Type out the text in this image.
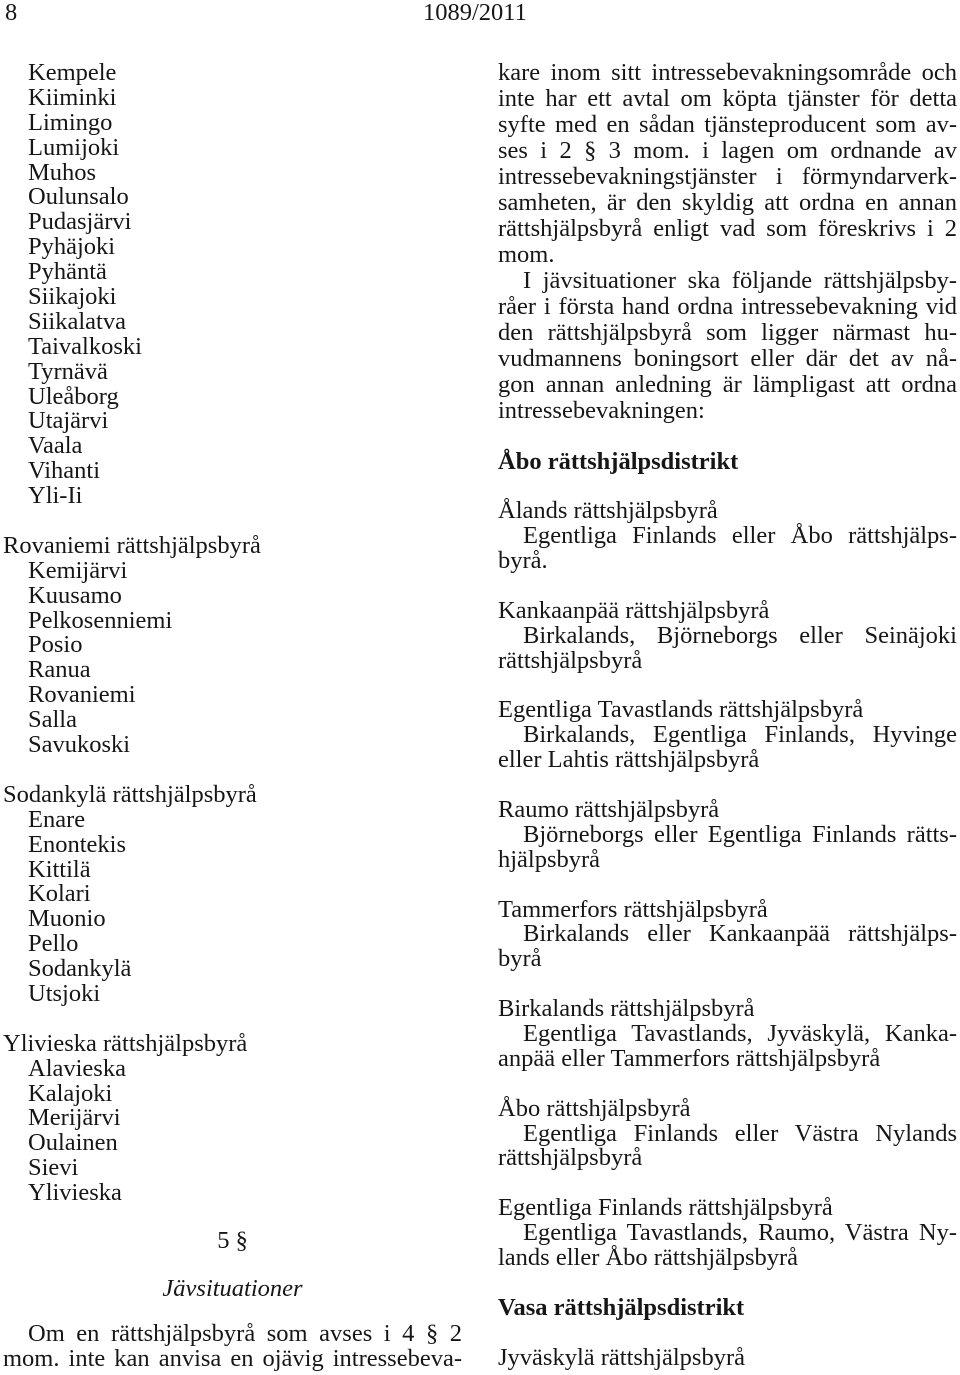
8	1089/2011
Kempele
Kiiminki
Limingo
Lumijoki
Muhos
Oulunsalo
Pudasjärvi
Pyhäjoki
Pyhäntä
Siikajoki
Siikalatva
Taivalkoski
Tyrnävä
Uleåborg
Utajärvi
Vaala
Vihanti
Yli-Ii
Rovaniemi rättshjälpsbyrå
Kemijärvi
Kuusamo
Pelkosenniemi
Posio
Ranua
Rovaniemi
Salla
Savukoski
Sodankylä rättshjälpsbyrå
Enare
Enontekis
Kittilä
Kolari
Muonio
Pello
Sodankylä
Utsjoki
Ylivieska rättshjälpsbyrå
Alavieska
Kalajoki
Merijärvi
Oulainen
Sievi
Ylivieska
5 §
Jävsituationer
Om en rättshjälpsbyrå som avses i 4 § 2
mom. inte kan anvisa en ojävig intressebeva-
kare inom sitt intressebevakningsområde och
inte har ett avtal om köpta tjänster för detta
syfte med en sådan tjänsteproducent som av-
ses i 2 § 3 mom. i lagen om ordnande av
intressebevakningstjänster i förmyndarverk-
samheten, är den skyldig att ordna en annan
rättshjälpsbyrå enligt vad som föreskrivs i 2
mom.
I jävsituationer ska följande rättshjälpsby-
råer i första hand ordna intressebevakning vid
den rättshjälpsbyrå som ligger närmast hu-
vudmannens boningsort eller där det av nå-
gon annan anledning är lämpligast att ordna
intressebevakningen:
Åbo rättshjälpsdistrikt
Ålands rättshjälpsbyrå
Egentliga Finlands eller Åbo rättshjälps-
byrå.
Kankaanpää rättshjälpsbyrå
Birkalands, Björneborgs eller Seinäjoki
rättshjälpsbyrå
Egentliga Tavastlands rättshjälpsbyrå
Birkalands, Egentliga Finlands, Hyvinge
eller Lahtis rättshjälpsbyrå
Raumo rättshjälpsbyrå
Björneborgs eller Egentliga Finlands rätts-
hjälpsbyrå
Tammerfors rättshjälpsbyrå
Birkalands eller Kankaanpää rättshjälps-
byrå
Birkalands rättshjälpsbyrå
Egentliga Tavastlands, Jyväskylä, Kanka-
anpää eller Tammerfors rättshjälpsbyrå
Åbo rättshjälpsbyrå
Egentliga Finlands eller Västra Nylands
rättshjälpsbyrå
Egentliga Finlands rättshjälpsbyrå
Egentliga Tavastlands, Raumo, Västra Ny-
lands eller Åbo rättshjälpsbyrå
Vasa rättshjälpsdistrikt
Jyväskylä rättshjälpsbyrå
